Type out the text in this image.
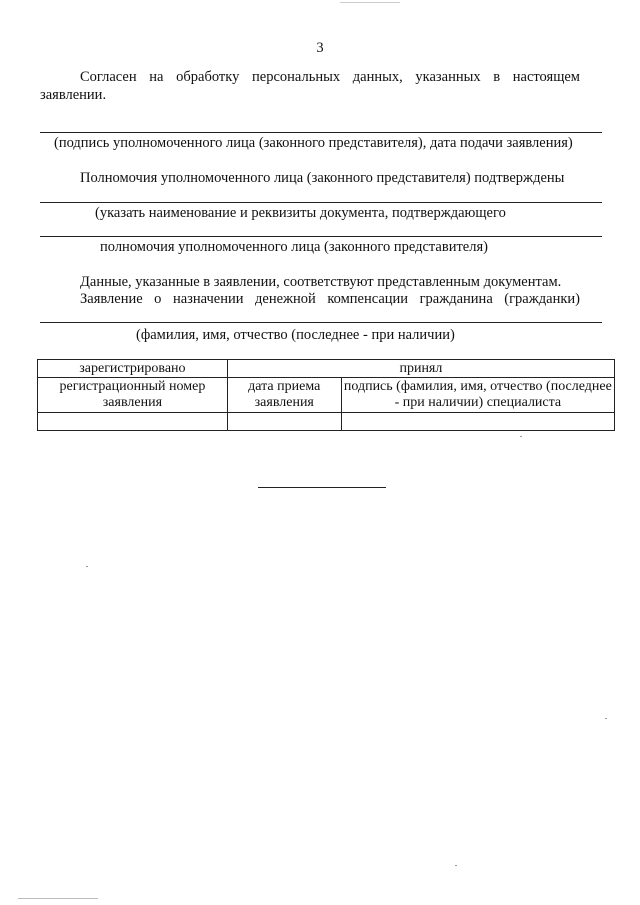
3
Согласен на обработку персональных данных, указанных в настоящем
заявлении.
(подпись уполномоченного лица (законного представителя), дата подачи заявления)
Полномочия уполномоченного лица (законного представителя) подтверждены
(указать наименование и реквизиты документа, подтверждающего
полномочия уполномоченного лица (законного представителя)
Данные, указанные в заявлении, соответствуют представленным документам.
Заявление о назначении денежной компенсации гражданина (гражданки)
(фамилия, имя, отчество (последнее - при наличии)
зарегистрировано	принял	
регистрационный номер заявления	дата приема заявления	подпись (фамилия, имя, отчество (последнее - при наличии) специалиста
